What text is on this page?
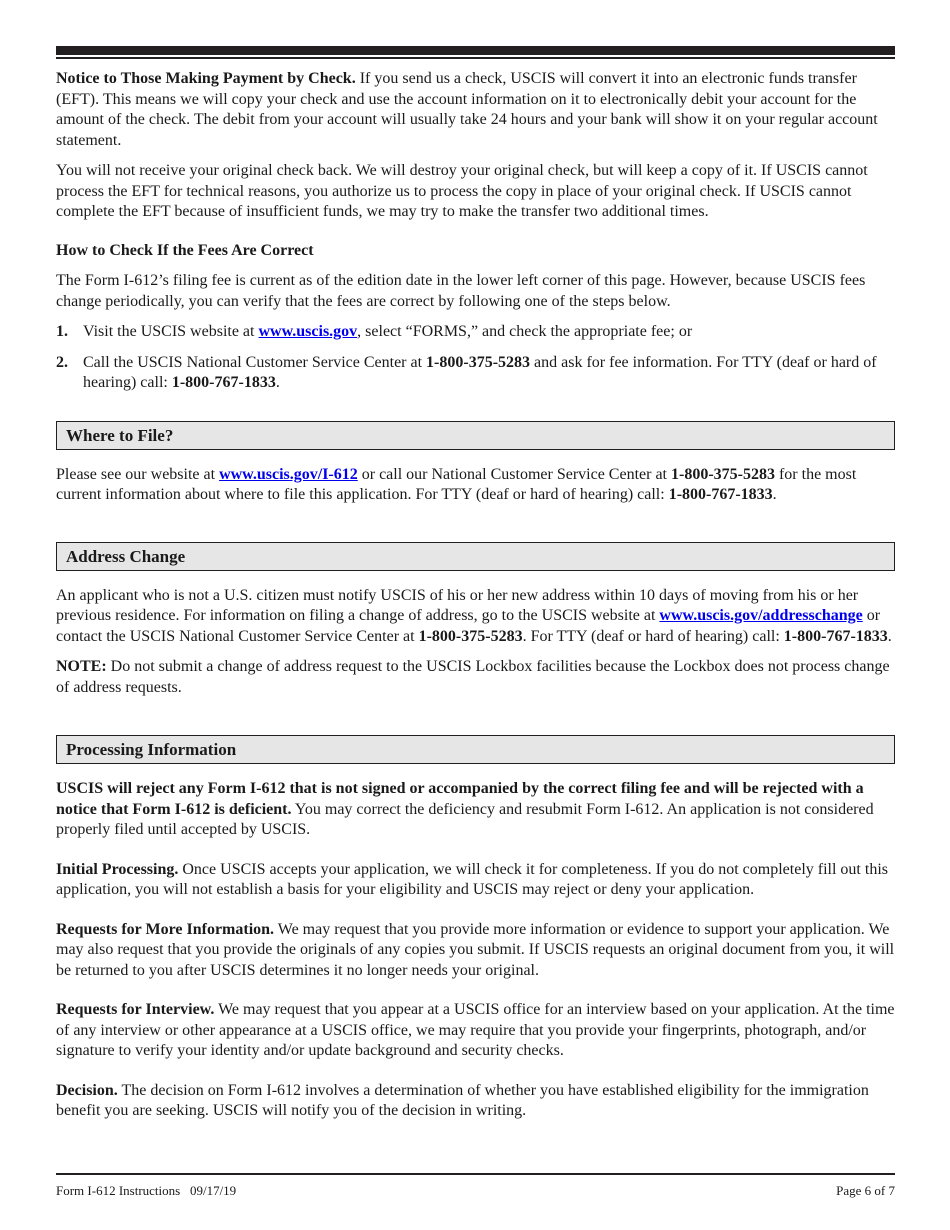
Notice to Those Making Payment by Check. If you send us a check, USCIS will convert it into an electronic funds transfer (EFT). This means we will copy your check and use the account information on it to electronically debit your account for the amount of the check. The debit from your account will usually take 24 hours and your bank will show it on your regular account statement.

You will not receive your original check back. We will destroy your original check, but will keep a copy of it. If USCIS cannot process the EFT for technical reasons, you authorize us to process the copy in place of your original check. If USCIS cannot complete the EFT because of insufficient funds, we may try to make the transfer two additional times.

How to Check If the Fees Are Correct

The Form I-612’s filing fee is current as of the edition date in the lower left corner of this page. However, because USCIS fees change periodically, you can verify that the fees are correct by following one of the steps below.

1. Visit the USCIS website at www.uscis.gov, select “FORMS,” and check the appropriate fee; or
2. Call the USCIS National Customer Service Center at 1-800-375-5283 and ask for fee information. For TTY (deaf or hard of hearing) call: 1-800-767-1833.
Where to File?

Please see our website at www.uscis.gov/I-612 or call our National Customer Service Center at 1-800-375-5283 for the most current information about where to file this application. For TTY (deaf or hard of hearing) call: 1-800-767-1833.

Address Change

An applicant who is not a U.S. citizen must notify USCIS of his or her new address within 10 days of moving from his or her previous residence. For information on filing a change of address, go to the USCIS website at www.uscis.gov/addresschange or contact the USCIS National Customer Service Center at 1-800-375-5283. For TTY (deaf or hard of hearing) call: 1-800-767-1833.

NOTE: Do not submit a change of address request to the USCIS Lockbox facilities because the Lockbox does not process change of address requests.

Processing Information

USCIS will reject any Form I-612 that is not signed or accompanied by the correct filing fee and will be rejected with a notice that Form I-612 is deficient. You may correct the deficiency and resubmit Form I-612. An application is not considered properly filed until accepted by USCIS.

Initial Processing. Once USCIS accepts your application, we will check it for completeness. If you do not completely fill out this application, you will not establish a basis for your eligibility and USCIS may reject or deny your application.

Requests for More Information. We may request that you provide more information or evidence to support your application. We may also request that you provide the originals of any copies you submit. If USCIS requests an original document from you, it will be returned to you after USCIS determines it no longer needs your original.

Requests for Interview. We may request that you appear at a USCIS office for an interview based on your application. At the time of any interview or other appearance at a USCIS office, we may require that you provide your fingerprints, photograph, and/or signature to verify your identity and/or update background and security checks.

Decision. The decision on Form I-612 involves a determination of whether you have established eligibility for the immigration benefit you are seeking. USCIS will notify you of the decision in writing.

Form I-612 Instructions   09/17/19	Page 6 of 7
